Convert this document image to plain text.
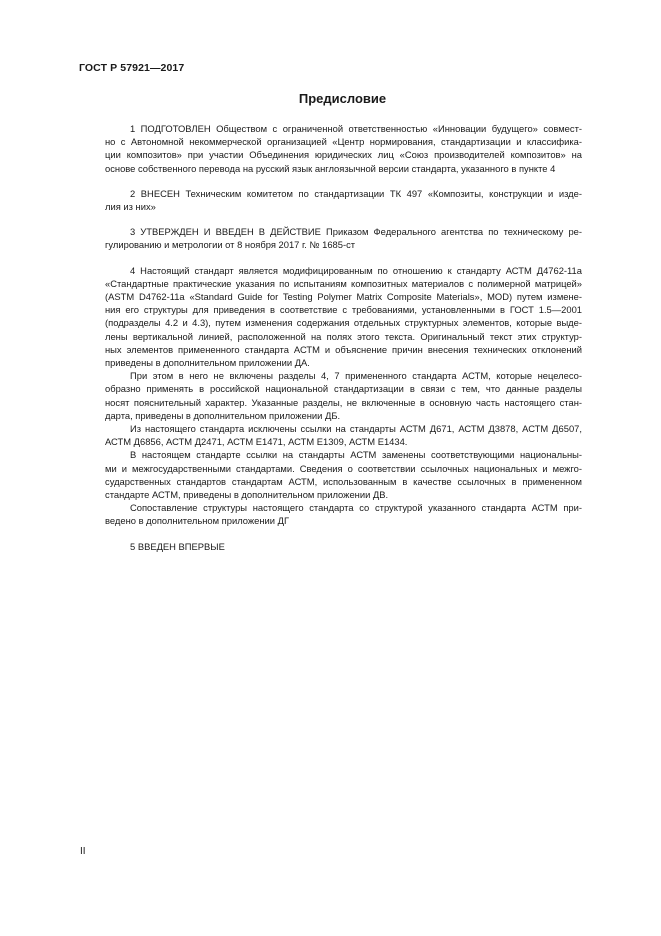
ГОСТ Р 57921—2017
Предисловие
1 ПОДГОТОВЛЕН Обществом с ограниченной ответственностью «Инновации будущего» совмест-
но с Автономной некоммерческой организацией «Центр нормирования, стандартизации и классифика-
ции композитов» при участии Объединения юридических лиц «Союз производителей композитов» на
основе собственного перевода на русский язык англоязычной версии стандарта, указанного в пункте 4
2 ВНЕСЕН Техническим комитетом по стандартизации ТК 497 «Композиты, конструкции и изде-
лия из них»
3 УТВЕРЖДЕН И ВВЕДЕН В ДЕЙСТВИЕ Приказом Федерального агентства по техническому ре-
гулированию и метрологии от 8 ноября 2017 г. № 1685-ст
4 Настоящий стандарт является модифицированным по отношению к стандарту АСТМ Д4762-11а
«Стандартные практические указания по испытаниям композитных материалов с полимерной матрицей»
(ASTM D4762-11а «Standard Guide for Testing Polymer Matrix Composite Materials», MOD) путем измене-
ния его структуры для приведения в соответствие с требованиями, установленными в ГОСТ 1.5—2001
(подразделы 4.2 и 4.3), путем изменения содержания отдельных структурных элементов, которые выде-
лены вертикальной линией, расположенной на полях этого текста. Оригинальный текст этих структур-
ных элементов примененного стандарта АСТМ и объяснение причин внесения технических отклонений
приведены в дополнительном приложении ДА.
При этом в него не включены разделы 4, 7 примененного стандарта АСТМ, которые нецелесо-
образно применять в российской национальной стандартизации в связи с тем, что данные разделы
носят пояснительный характер. Указанные разделы, не включенные в основную часть настоящего стан-
дарта, приведены в дополнительном приложении ДБ.
Из настоящего стандарта исключены ссылки на стандарты АСТМ Д671, АСТМ Д3878, АСТМ Д6507,
АСТМ Д6856, АСТМ Д2471, АСТМ Е1471, АСТМ Е1309, АСТМ Е1434.
В настоящем стандарте ссылки на стандарты АСТМ заменены соответствующими национальны-
ми и межгосударственными стандартами. Сведения о соответствии ссылочных национальных и межго-
сударственных стандартов стандартам АСТМ, использованным в качестве ссылочных в примененном
стандарте АСТМ, приведены в дополнительном приложении ДВ.
Сопоставление структуры настоящего стандарта со структурой указанного стандарта АСТМ при-
ведено в дополнительном приложении ДГ
5 ВВЕДЕН ВПЕРВЫЕ
II
